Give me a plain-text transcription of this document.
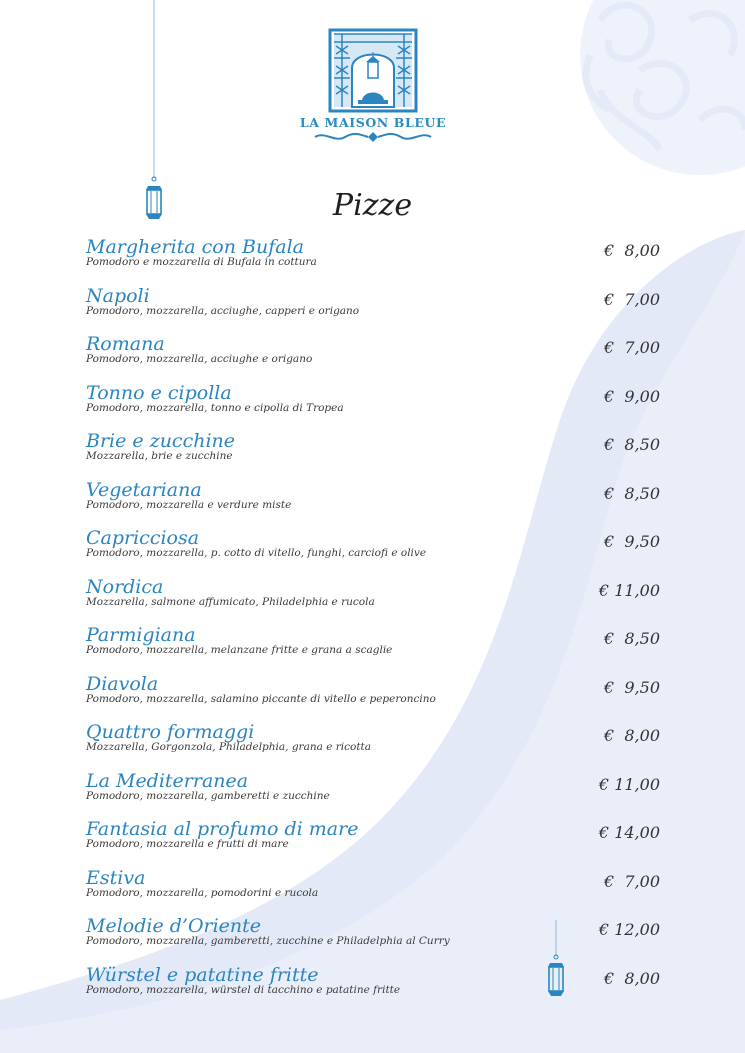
LA MAISON BLEUE
Pizze
Margherita con Bufala
Pomodoro e mozzarella di Bufala in cottura
€  8,00
Napoli
Pomodoro, mozzarella, acciughe, capperi e origano
€  7,00
Romana
Pomodoro, mozzarella, acciughe e origano
€  7,00
Tonno e cipolla
Pomodoro, mozzarella, tonno e cipolla di Tropea
€  9,00
Brie e zucchine
Mozzarella, brie e zucchine
€  8,50
Vegetariana
Pomodoro, mozzarella e verdure miste
€  8,50
Capricciosa
Pomodoro, mozzarella, p. cotto di vitello, funghi, carciofi e olive
€  9,50
Nordica
Mozzarella, salmone affumicato, Philadelphia e rucola
€ 11,00
Parmigiana
Pomodoro, mozzarella, melanzane fritte e grana a scaglie
€  8,50
Diavola
Pomodoro, mozzarella, salamino piccante di vitello e peperoncino
€  9,50
Quattro formaggi
Mozzarella, Gorgonzola, Philadelphia, grana e ricotta
€  8,00
La Mediterranea
Pomodoro, mozzarella, gamberetti e zucchine
€ 11,00
Fantasia al profumo di mare
Pomodoro, mozzarella e frutti di mare
€ 14,00
Estiva
Pomodoro, mozzarella, pomodorini e rucola
€  7,00
Melodie d’Oriente
Pomodoro, mozzarella, gamberetti, zucchine e Philadelphia al Curry
€ 12,00
Würstel e patatine fritte
Pomodoro, mozzarella, würstel di tacchino e patatine fritte
€  8,00
